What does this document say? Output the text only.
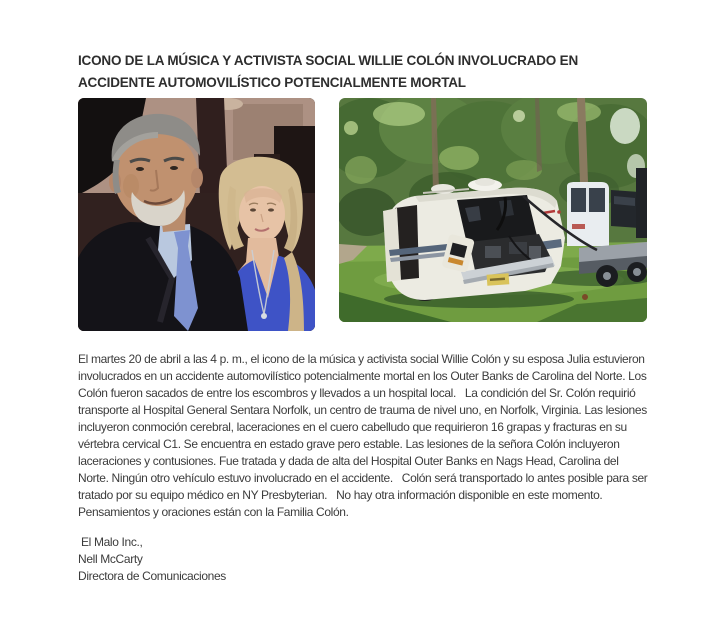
ICONO DE LA MÚSICA Y ACTIVISTA SOCIAL WILLIE COLÓN INVOLUCRADO EN
ACCIDENTE AUTOMOVILÍSTICO POTENCIALMENTE MORTAL

El martes 20 de abril a las 4 p. m., el icono de la música y activista social Willie Colón y su esposa Julia estuvieron involucrados en un accidente automovilístico potencialmente mortal en los Outer Banks de Carolina del Norte. Los Colón fueron sacados de entre los escombros y llevados a un hospital local.   La condición del Sr. Colón requirió transporte al Hospital General Sentara Norfolk, un centro de trauma de nivel uno, en Norfolk, Virginia. Las lesiones incluyeron conmoción cerebral, laceraciones en el cuero cabelludo que requirieron 16 grapas y fracturas en su vértebra cervical C1. Se encuentra en estado grave pero estable. Las lesiones de la señora Colón incluyeron laceraciones y contusiones. Fue tratada y dada de alta del Hospital Outer Banks en Nags Head, Carolina del Norte. Ningún otro vehículo estuvo involucrado en el accidente.   Colón será transportado lo antes posible para ser tratado por su equipo médico en NY Presbyterian.   No hay otra información disponible en este momento.  Pensamientos y oraciones están con la Familia Colón.

El Malo Inc.,
Nell McCarty
Directora de Comunicaciones
